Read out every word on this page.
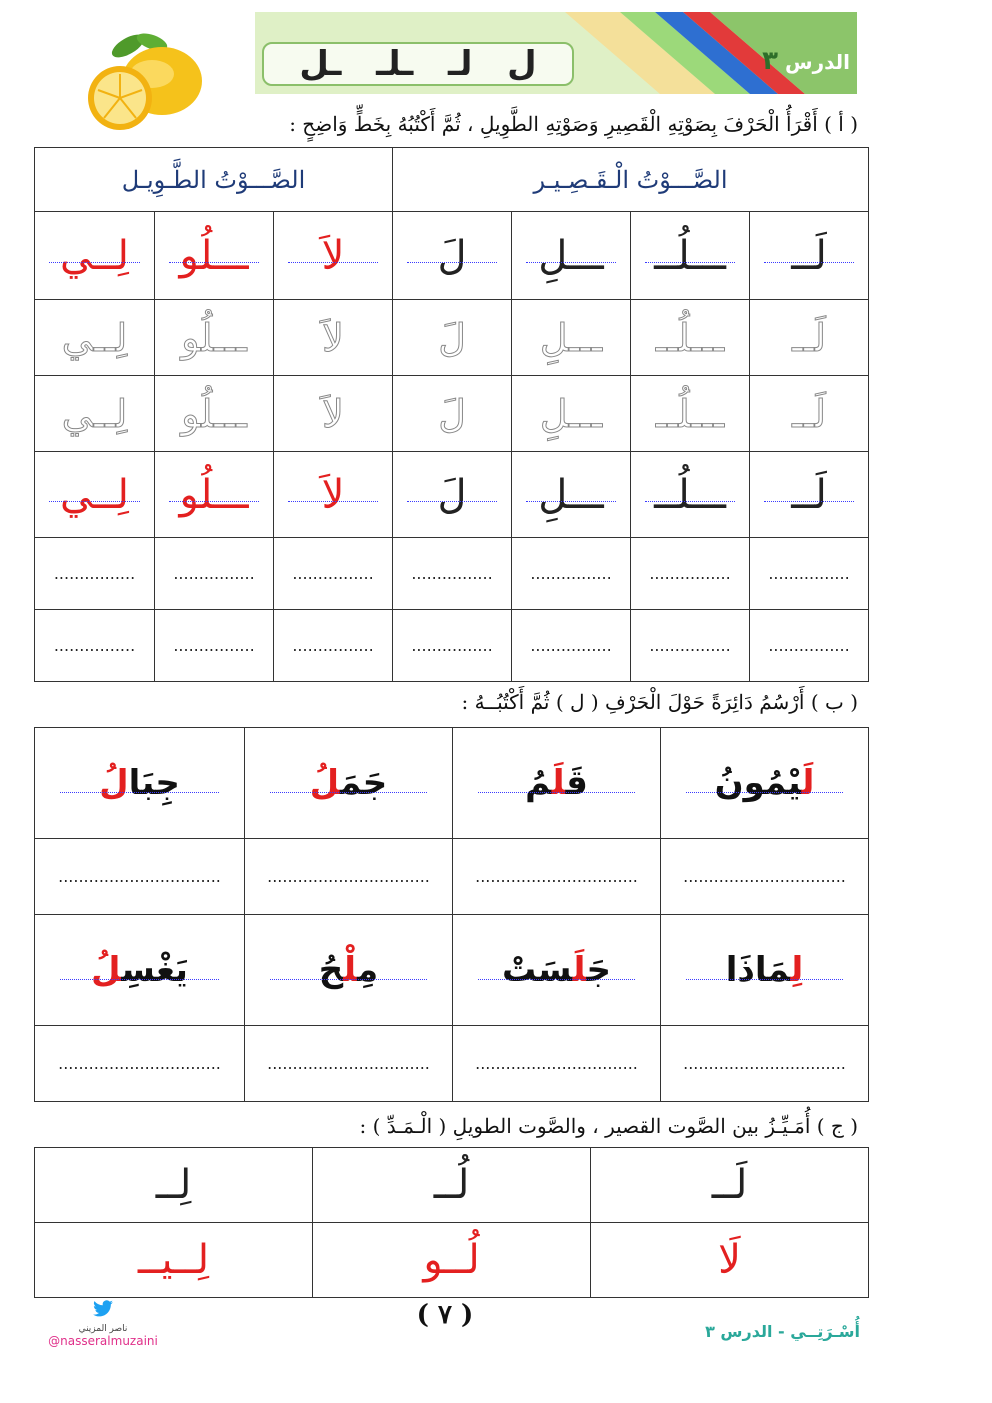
ل
لـ
ـلـ
ـل	الدرس ٣
( أ ) أَقْرَأُ الْحَرْفَ بِصَوْتِهِ الْقَصِيرِ وَصَوْتِهِ الطَّوِيلِ ، ثُمَّ أَكْتُبُهُ بِخَطٍّ وَاضِحٍ :
الصَّـــوْتُ الْـقَـصِـيـر				الصَّـــوْتُ الطَّـوِيـل		

لَــ	ـــلُــ	ـــلِ	لَ	لاَ	ـــلُو	لِــي
لَــ	ـــلُــ	ـــلِ	لَ	لاَ	ـــلُو	لِــي
لَــ	ـــلُــ	ـــلِ	لَ	لاَ	ـــلُو	لِــي

لَــ	ـــلُــ	ـــلِ	لَ	لاَ	ـــلُو	لِــي
................	................	................	................	................	................	................
................	................	................	................	................	................	................
( ب ) أَرْسُمُ دَائِرَةً حَوْلَ الْحَرْفِ ( ل ) ثُمَّ أَكْتُبُــهُ :
لَيْمُونُ	قَلَمُ	جَمَلُ	جِبَالُ
................................	................................	................................	................................

لِمَاذَا	جَلَسَتْ	مِلْحُ	يَغْسِلُ
................................	................................	................................	................................
( ج ) أُمَـيِّـزُ بين الصَّوت القصير ، والصَّوت الطويلِ ( الْـمَـدِّ ) :
لَــ	لُــ	لِــ
لَا	لُــو	لِــيــ
ناصر المزيني
@nasseralmuzaini
( ٧ )
أُسْـرَتِــي - الدرس ٣
